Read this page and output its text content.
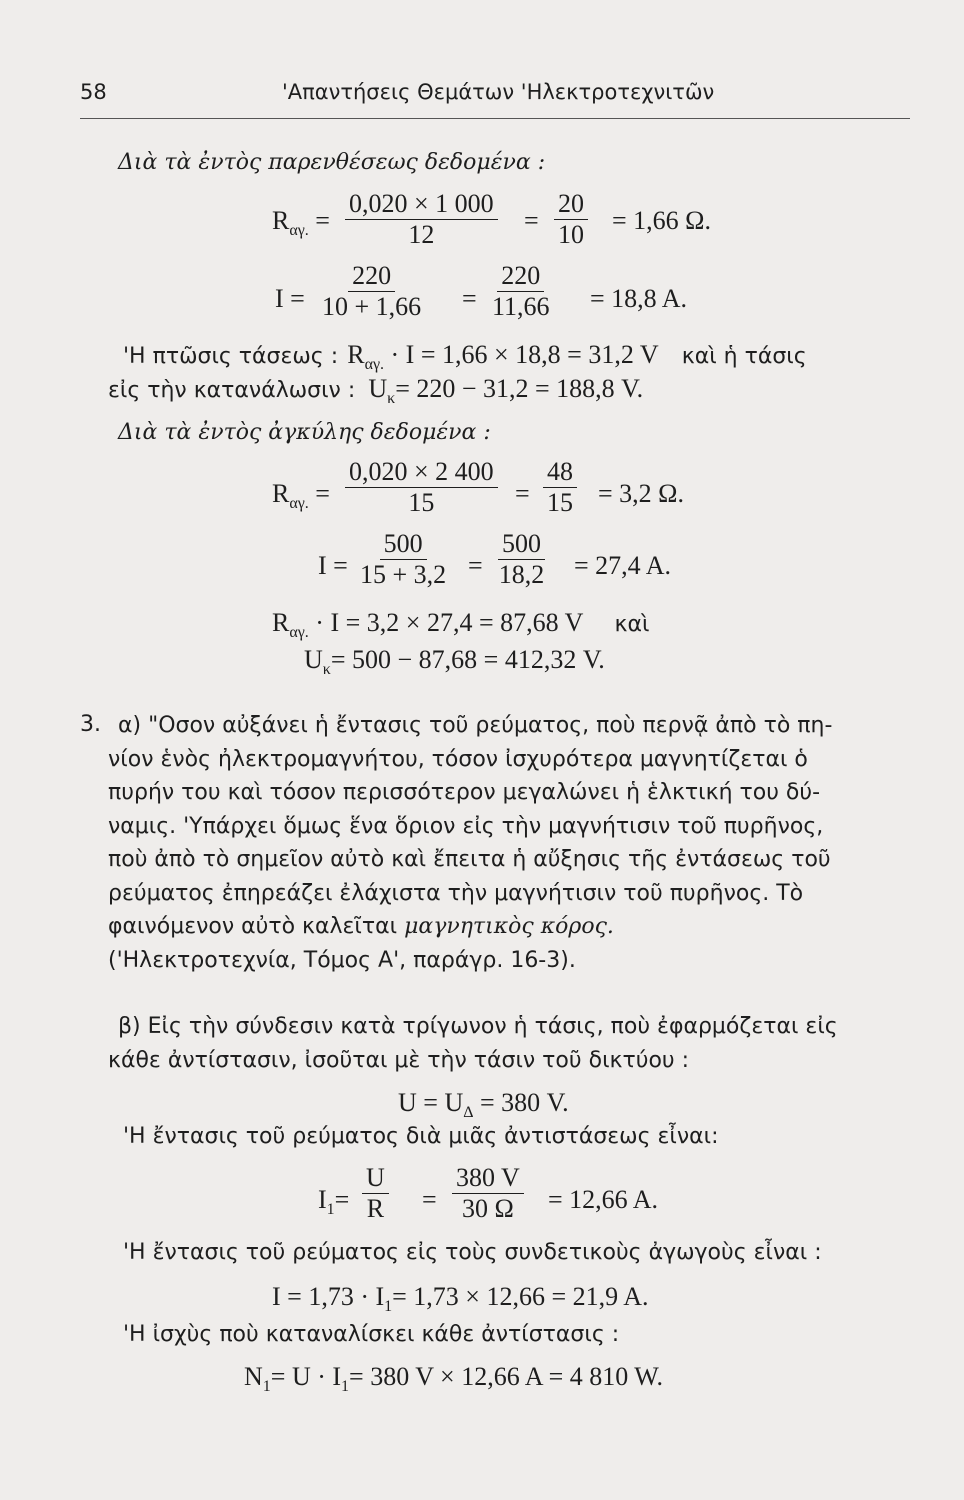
58	'Απαντήσεις Θεμάτων 'Ηλεκτροτεχνιτῶν
Διὰ τὰ ἐντὸς παρενθέσεως δεδομένα :
$R_{\alpha\gamma.} = \frac{0,020 \times 1 000}{12} = \frac{20}{10} = 1,66$ Ω.
$I = \frac{220}{10 + 1,66} = \frac{220}{11,66} = 18,8$ A.
'Η πτῶσις τάσεως : $R_{\alpha\gamma.} \cdot I = 1,66 \times 18,8 = 31,2$ V καὶ ἡ τάσις
εἰς τὴν κατανάλωσιν : $U_\kappa= 220 - 31,2 = 188,8$ V.
Διὰ τὰ ἐντὸς ἀγκύλης δεδομένα :
$R_{\alpha\gamma.} = \frac{0,020 \times 2 400}{15} = \frac{48}{15} = 3,2$ Ω.
$I = \frac{500}{15 + 3,2} = \frac{500}{18,2} = 27,4$ A.
$R_{\alpha\gamma.} \cdot I = 3,2 \times 27,4 = 87,68$ V καὶ
$U_\kappa= 500 - 87,68 = 412,32$ V.
3. α) "Οσον αὐξάνει ἡ ἔντασις τοῦ ρεύματος, ποὺ περνᾷ ἀπὸ τὸ πη-
νίον ἑνὸς ἠλεκτρομαγνήτου, τόσον ἰσχυρότερα μαγνητίζεται ὁ
πυρήν του καὶ τόσον περισσότερον μεγαλώνει ἡ ἑλκτική του δύ-
ναμις. 'Υπάρχει ὅμως ἕνα ὅριον εἰς τὴν μαγνήτισιν τοῦ πυρῆνος,
ποὺ ἀπὸ τὸ σημεῖον αὐτὸ καὶ ἔπειτα ἡ αὔξησις τῆς ἐντάσεως τοῦ
ρεύματος ἐπηρεάζει ἐλάχιστα τὴν μαγνήτισιν τοῦ πυρῆνος. Τὸ
φαινόμενον αὐτὸ καλεῖται μαγνητικὸς κόρος.
('Ηλεκτροτεχνία, Τόμος Α', παράγρ. 16-3).
β) Εἰς τὴν σύνδεσιν κατὰ τρίγωνον ἡ τάσις, ποὺ ἐφαρμόζεται εἰς
κάθε ἀντίστασιν, ἰσοῦται μὲ τὴν τάσιν τοῦ δικτύου :
$U = U_\Delta = 380$ V.
'Η ἔντασις τοῦ ρεύματος διὰ μιᾶς ἀντιστάσεως εἶναι:
$I_1= \frac{U}{R} = \frac{380 V}{30 \Omega} = 12,66$ A.
'Η ἔντασις τοῦ ρεύματος εἰς τοὺς συνδετικοὺς ἀγωγοὺς εἶναι :
$I = 1,73 \cdot I_1= 1,73 \times 12,66 = 21,9$ A.
'Η ἰσχὺς ποὺ καταναλίσκει κάθε ἀντίστασις :
$N_1= U \cdot I_1= 380$ V × 12,66 A = 4 810 W.
